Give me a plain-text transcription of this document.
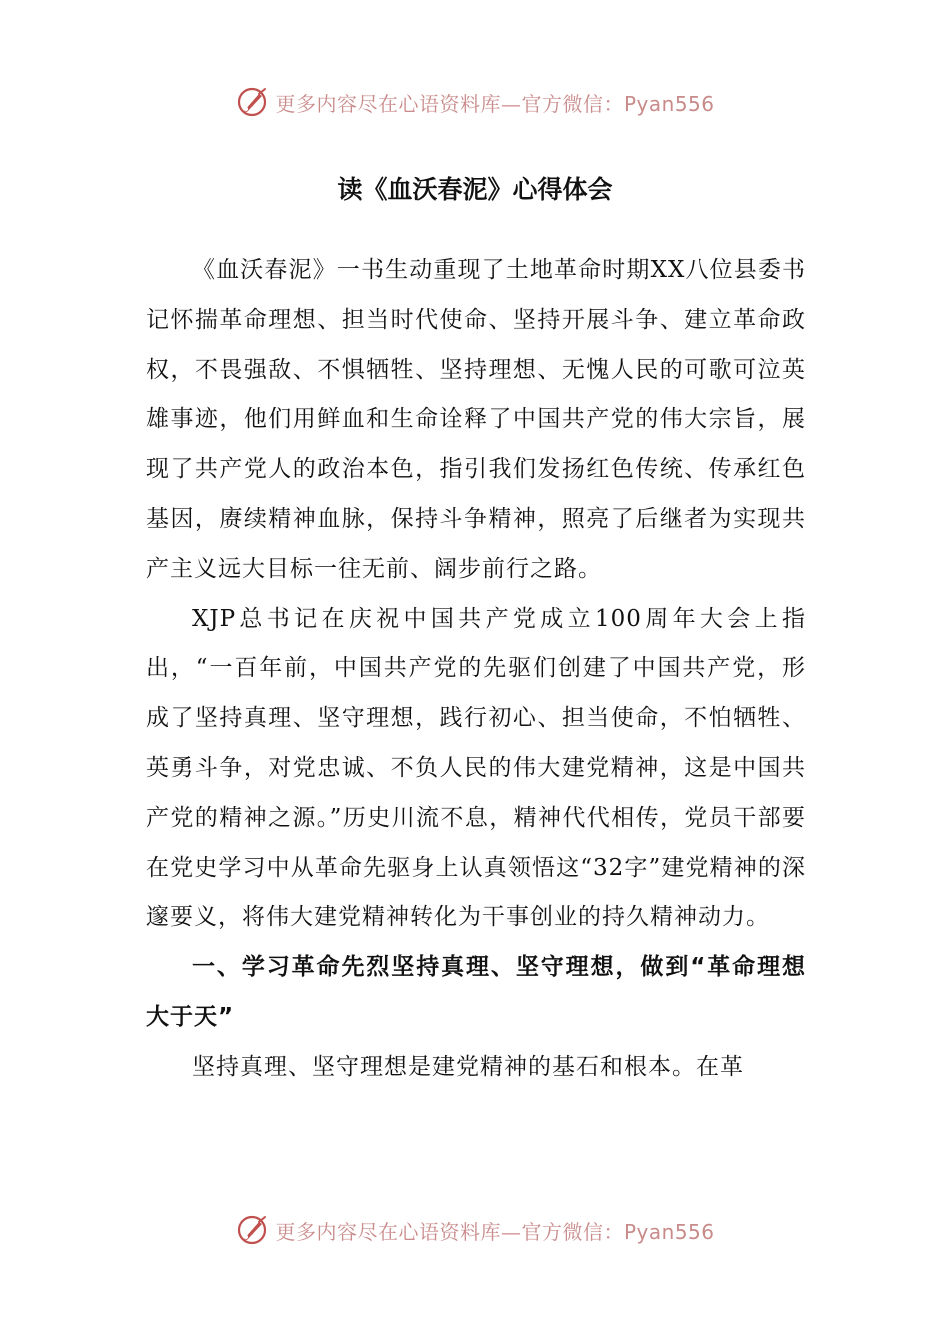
更多内容尽在心语资料库—官方微信：Pyan556
读《血沃春泥》心得体会

《血沃春泥》一书生动重现了土地革命时期XX八位县委书记怀揣革命理想、担当时代使命、坚持开展斗争、建立革命政权，不畏强敌、不惧牺牲、坚持理想、无愧人民的可歌可泣英雄事迹，他们用鲜血和生命诠释了中国共产党的伟大宗旨，展现了共产党人的政治本色，指引我们发扬红色传统、传承红色基因，赓续精神血脉，保持斗争精神，照亮了后继者为实现共产主义远大目标一往无前、阔步前行之路。

XJP总书记在庆祝中国共产党成立100周年大会上指出，“一百年前，中国共产党的先驱们创建了中国共产党，形成了坚持真理、坚守理想，践行初心、担当使命，不怕牺牲、英勇斗争，对党忠诚、不负人民的伟大建党精神，这是中国共产党的精神之源。”历史川流不息，精神代代相传，党员干部要在党史学习中从革命先驱身上认真领悟这“32字”建党精神的深邃要义，将伟大建党精神转化为干事创业的持久精神动力。

一、学习革命先烈坚持真理、坚守理想，做到“革命理想大于天”

坚持真理、坚守理想是建党精神的基石和根本。在革

更多内容尽在心语资料库—官方微信：Pyan556
